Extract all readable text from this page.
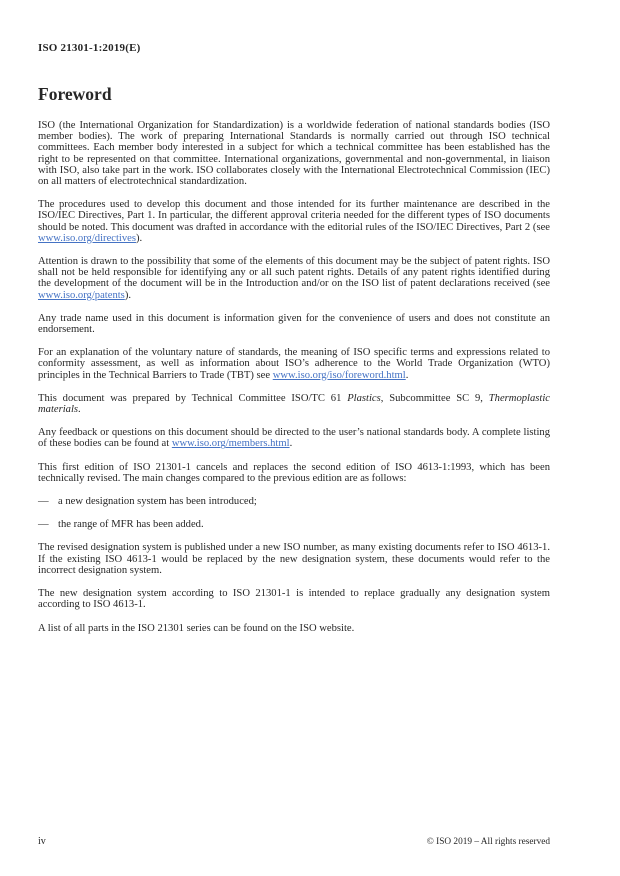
ISO 21301-1:2019(E)
Foreword
ISO (the International Organization for Standardization) is a worldwide federation of national standards bodies (ISO member bodies). The work of preparing International Standards is normally carried out through ISO technical committees. Each member body interested in a subject for which a technical committee has been established has the right to be represented on that committee. International organizations, governmental and non-governmental, in liaison with ISO, also take part in the work. ISO collaborates closely with the International Electrotechnical Commission (IEC) on all matters of electrotechnical standardization.
The procedures used to develop this document and those intended for its further maintenance are described in the ISO/IEC Directives, Part 1. In particular, the different approval criteria needed for the different types of ISO documents should be noted. This document was drafted in accordance with the editorial rules of the ISO/IEC Directives, Part 2 (see www.iso.org/directives).
Attention is drawn to the possibility that some of the elements of this document may be the subject of patent rights. ISO shall not be held responsible for identifying any or all such patent rights. Details of any patent rights identified during the development of the document will be in the Introduction and/or on the ISO list of patent declarations received (see www.iso.org/patents).
Any trade name used in this document is information given for the convenience of users and does not constitute an endorsement.
For an explanation of the voluntary nature of standards, the meaning of ISO specific terms and expressions related to conformity assessment, as well as information about ISO’s adherence to the World Trade Organization (WTO) principles in the Technical Barriers to Trade (TBT) see www.iso.org/iso/foreword.html.
This document was prepared by Technical Committee ISO/TC 61 Plastics, Subcommittee SC 9, Thermoplastic materials.
Any feedback or questions on this document should be directed to the user’s national standards body. A complete listing of these bodies can be found at www.iso.org/members.html.
This first edition of ISO 21301-1 cancels and replaces the second edition of ISO 4613-1:1993, which has been technically revised. The main changes compared to the previous edition are as follows:
— a new designation system has been introduced;
— the range of MFR has been added.
The revised designation system is published under a new ISO number, as many existing documents refer to ISO 4613-1. If the existing ISO 4613-1 would be replaced by the new designation system, these documents would refer to the incorrect designation system.
The new designation system according to ISO 21301-1 is intended to replace gradually any designation system according to ISO 4613-1.
A list of all parts in the ISO 21301 series can be found on the ISO website.
iv	© ISO 2019 – All rights reserved
